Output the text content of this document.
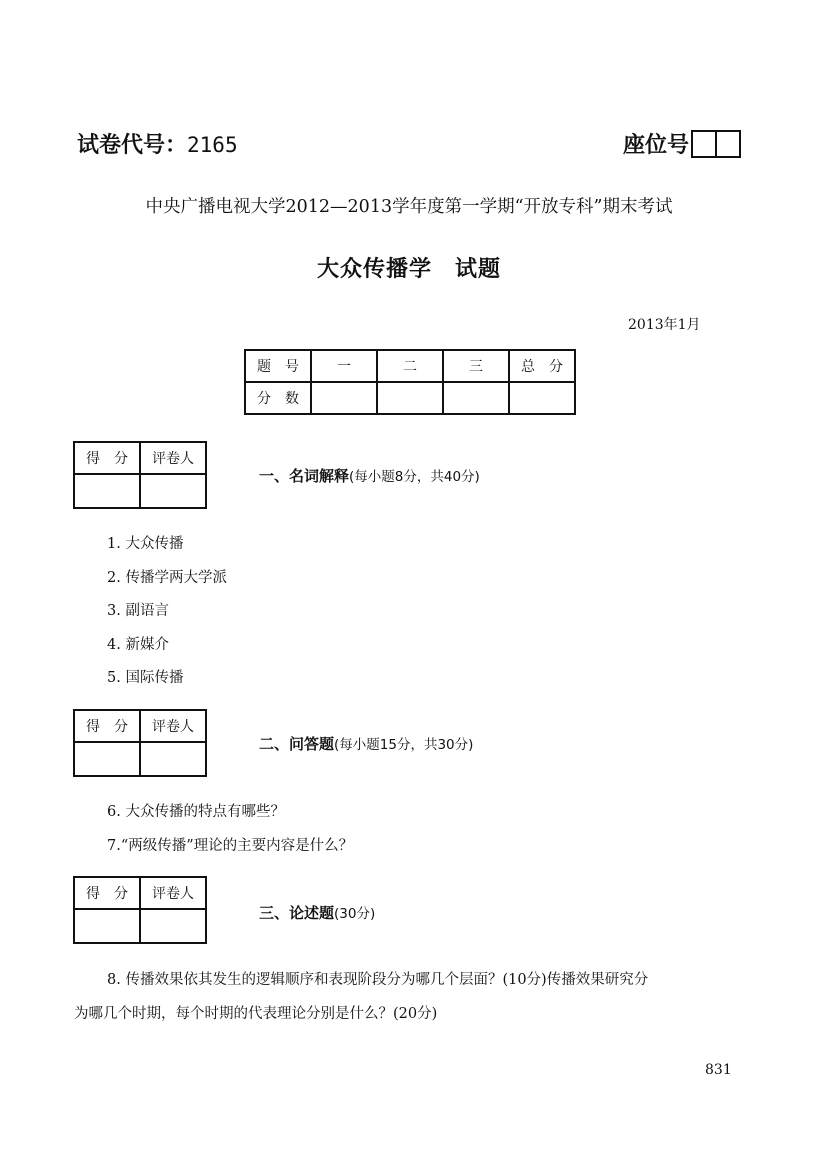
试卷代号：2165	座位号
中央广播电视大学2012—2013学年度第一学期“开放专科”期末考试
大众传播学　试题
2013年1月
题　号	一	二	三	总　分
分　数				
得　分	评卷人

一、名词解释(每小题8分，共40分)
1. 大众传播
2. 传播学两大学派
3. 副语言
4. 新媒介
5. 国际传播
得　分	评卷人

二、问答题(每小题15分，共30分)
6. 大众传播的特点有哪些？
7.“两级传播”理论的主要内容是什么？
得　分	评卷人

三、论述题(30分)
8. 传播效果依其发生的逻辑顺序和表现阶段分为哪几个层面？(10分)传播效果研究分
为哪几个时期，每个时期的代表理论分别是什么？(20分)
831
